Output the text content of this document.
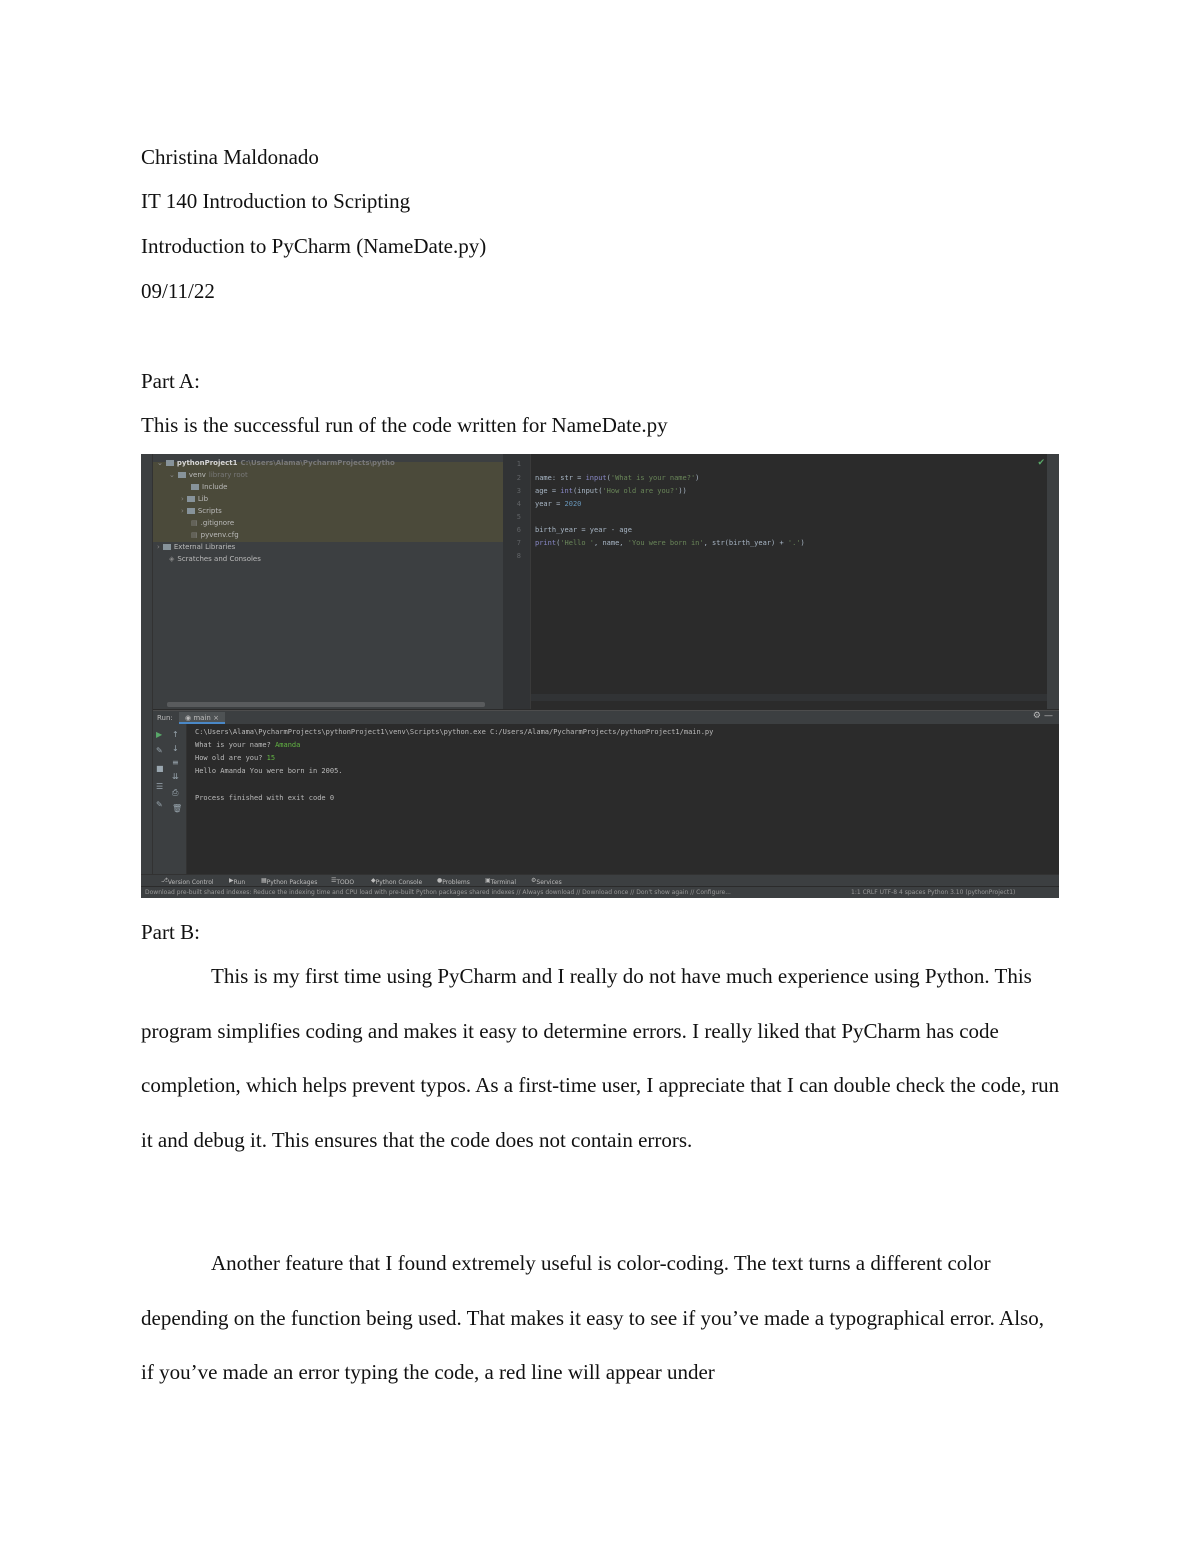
Christina Maldonado
IT 140 Introduction to Scripting
Introduction to PyCharm (NameDate.py)
09/11/22
Part A:
This is the successful run of the code written for NameDate.py
⌄ pythonProject1 C:\Users\Alama\PycharmProjects\pytho
⌄ venv library root
Include
› Lib
› Scripts
▤ .gitignore
▤ pyvenv.cfg
› External Libraries
◈ Scratches and Consoles
1
2
3
4
5
6
7
8
name: str = input('What is your name?')
age = int(input('How old are you?'))
year = 2020
birth_year = year - age
print('Hello ', name, 'You were born in', str(birth_year) + '.')
✔
Run:	◉ main ×	⚙ —
▶
✎
■
☰
✎
↑
↓
≡
⇊
⎙
🗑
C:\Users\Alama\PycharmProjects\pythonProject1\venv\Scripts\python.exe C:/Users/Alama/PycharmProjects/pythonProject1/main.py
What is your name? Amanda
How old are you? 15
Hello Amanda You were born in 2005.
Process finished with exit code 0
⎇ Version Control	▶ Run	▦ Python Packages ☰ TODO	◆ Python Console ● Problems	▣ Terminal ⚙ Services
Download pre-built shared indexes: Reduce the indexing time and CPU load with pre-built Python packages shared indexes // Always download // Download once // Don't show again // Configure...	1:1 CRLF UTF-8 4 spaces Python 3.10 (pythonProject1)
Part B:
This is my first time using PyCharm and I really do not have much experience using Python. This program simplifies coding and makes it easy to determine errors. I really liked that PyCharm has code completion, which helps prevent typos. As a first-time user, I appreciate that I can double check the code, run it and debug it. This ensures that the code does not contain errors.
Another feature that I found extremely useful is color-coding. The text turns a different color depending on the function being used. That makes it easy to see if you’ve made a typographical error. Also, if you’ve made an error typing the code, a red line will appear under
